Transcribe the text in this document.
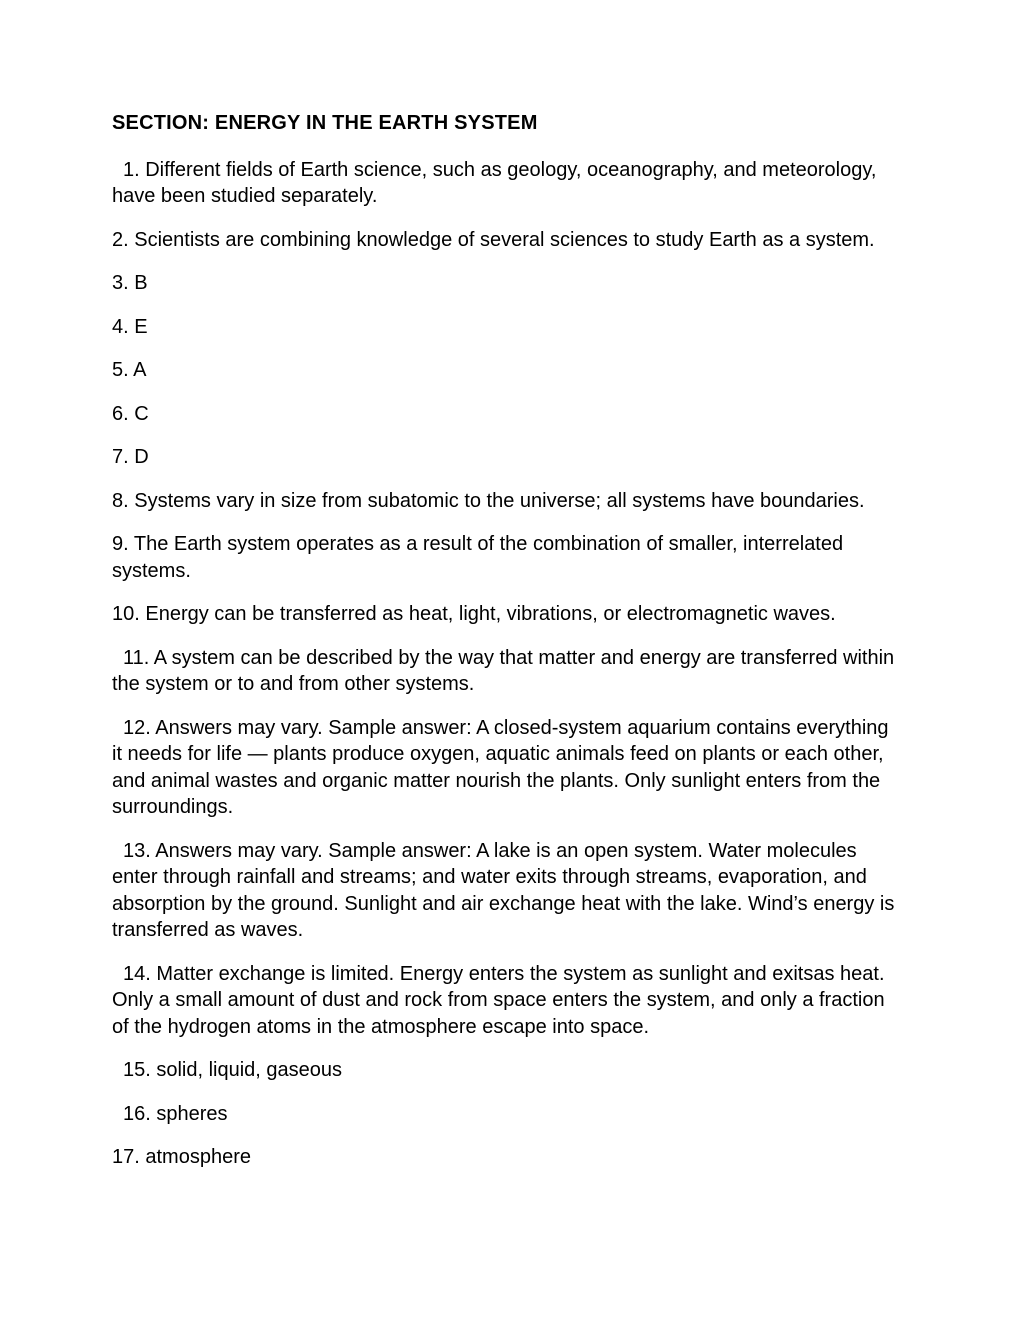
SECTION: ENERGY IN THE EARTH SYSTEM

1. Different fields of Earth science, such as geology, oceanography, and meteorology, have been studied separately.

2. Scientists are combining knowledge of several sciences to study Earth as a system.

3. B

4. E

5. A

6. C

7. D

8. Systems vary in size from subatomic to the universe; all systems have boundaries.

9. The Earth system operates as a result of the combination of smaller, interrelated systems.

10. Energy can be transferred as heat, light, vibrations, or electromagnetic waves.

11. A system can be described by the way that matter and energy are transferred within the system or to and from other systems.

12. Answers may vary. Sample answer: A closed-system aquarium contains everything it needs for life — plants produce oxygen, aquatic animals feed on plants or each other, and animal wastes and organic matter nourish the plants. Only sunlight enters from the surroundings.

13. Answers may vary. Sample answer: A lake is an open system. Water molecules enter through rainfall and streams; and water exits through streams, evaporation, and absorption by the ground. Sunlight and air exchange heat with the lake. Wind’s energy is transferred as waves.

14. Matter exchange is limited. Energy enters the system as sunlight and exitsas heat. Only a small amount of dust and rock from space enters the system, and only a fraction of the hydrogen atoms in the atmosphere escape into space.

15. solid, liquid, gaseous

16. spheres

17. atmosphere
